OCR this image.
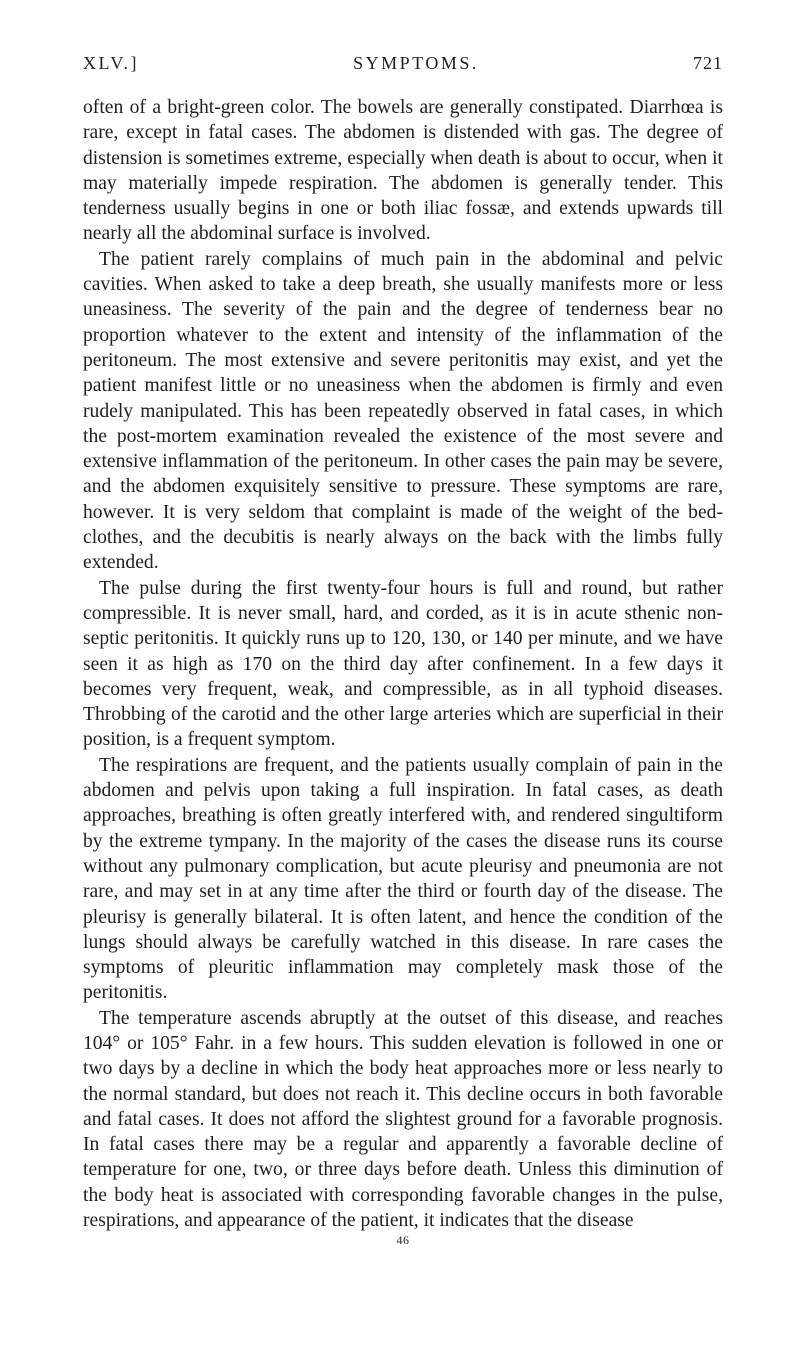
XLV.]	SYMPTOMS.	721

often of a bright-green color. The bowels are generally constipated. Diarrhœa is rare, except in fatal cases. The abdomen is distended with gas. The degree of distension is sometimes extreme, especially when death is about to occur, when it may materially impede respiration. The abdomen is generally tender. This tenderness usually begins in one or both iliac fossæ, and extends upwards till nearly all the abdominal surface is involved.

The patient rarely complains of much pain in the abdominal and pelvic cavities. When asked to take a deep breath, she usually manifests more or less uneasiness. The severity of the pain and the degree of tenderness bear no proportion whatever to the extent and intensity of the inflammation of the peritoneum. The most extensive and severe peritonitis may exist, and yet the patient manifest little or no uneasiness when the abdomen is firmly and even rudely manipulated. This has been repeatedly observed in fatal cases, in which the post-mortem examination revealed the existence of the most severe and extensive inflammation of the peritoneum. In other cases the pain may be severe, and the abdomen exquisitely sensitive to pressure. These symptoms are rare, however. It is very seldom that complaint is made of the weight of the bed-clothes, and the decubitis is nearly always on the back with the limbs fully extended.

The pulse during the first twenty-four hours is full and round, but rather compressible. It is never small, hard, and corded, as it is in acute sthenic non-septic peritonitis. It quickly runs up to 120, 130, or 140 per minute, and we have seen it as high as 170 on the third day after confinement. In a few days it becomes very frequent, weak, and compressible, as in all typhoid diseases. Throbbing of the carotid and the other large arteries which are superficial in their position, is a frequent symptom.

The respirations are frequent, and the patients usually complain of pain in the abdomen and pelvis upon taking a full inspiration. In fatal cases, as death approaches, breathing is often greatly interfered with, and rendered singultiform by the extreme tympany. In the majority of the cases the disease runs its course without any pulmonary complication, but acute pleurisy and pneumonia are not rare, and may set in at any time after the third or fourth day of the disease. The pleurisy is generally bilateral. It is often latent, and hence the condition of the lungs should always be carefully watched in this disease. In rare cases the symptoms of pleuritic inflammation may completely mask those of the peritonitis.

The temperature ascends abruptly at the outset of this disease, and reaches 104° or 105° Fahr. in a few hours. This sudden elevation is followed in one or two days by a decline in which the body heat approaches more or less nearly to the normal standard, but does not reach it. This decline occurs in both favorable and fatal cases. It does not afford the slightest ground for a favorable prognosis. In fatal cases there may be a regular and apparently a favorable decline of temperature for one, two, or three days before death. Unless this diminution of the body heat is associated with corresponding favorable changes in the pulse, respirations, and appearance of the patient, it indicates that the disease

46
